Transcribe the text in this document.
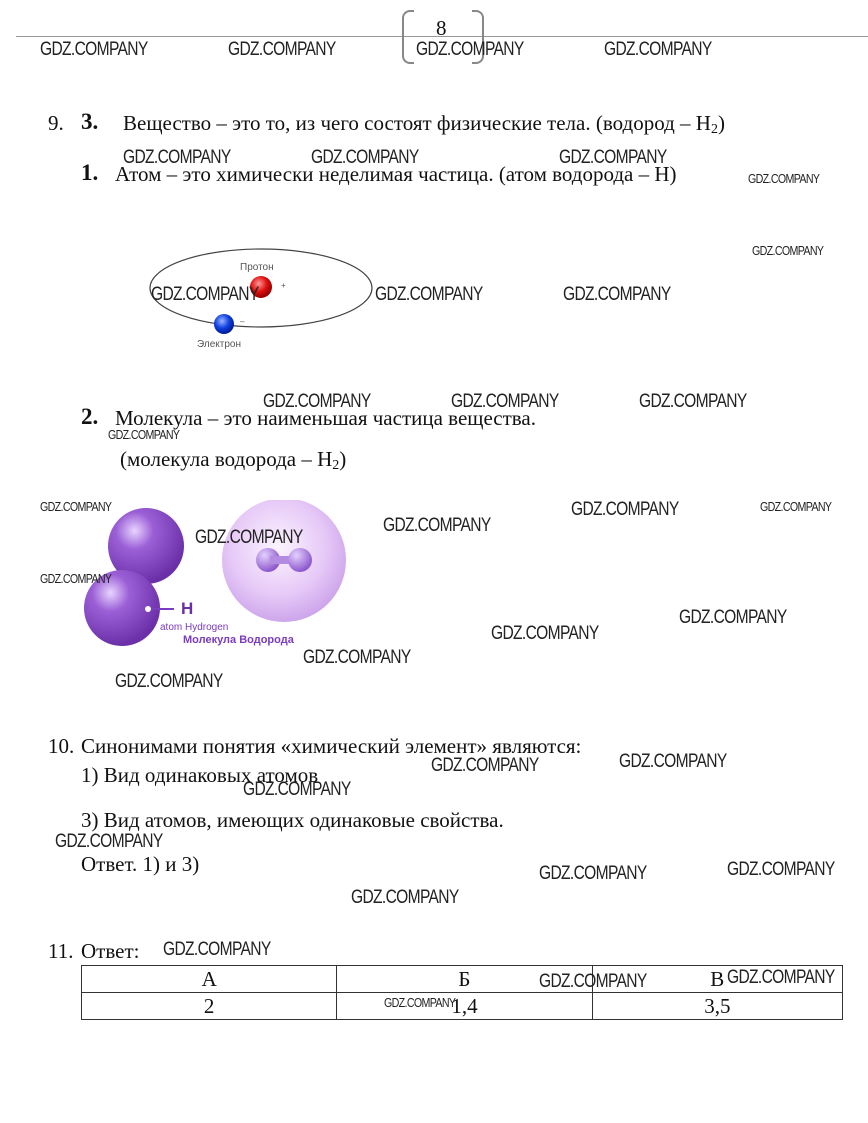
8
9. 3. Вещество – это то, из чего состоят физические тела. (водород – $H_2$)
1. Атом – это химически неделимая частица. (атом водорода – H)
+
–
Протон
Электрон
2. Молекула – это наименьшая частица вещества.
(молекула водорода – $H_2$)
H
atom Hydrogen
Молекула Водорода
10. Синонимами понятия «химический элемент» являются:
1) Вид одинаковых атомов
3) Вид атомов, имеющих одинаковые свойства.
Ответ. 1) и 3)
11. Ответ:
А	Б	В
2	1,4	3,5
GDZ.COMPANY	GDZ.COMPANY	GDZ.COMPANY	GDZ.COMPANY
GDZ.COMPANY	GDZ.COMPANY	GDZ.COMPANY
GDZ.COMPANY
GDZ.COMPANY
GDZ.COMPANY	GDZ.COMPANY	GDZ.COMPANY
GDZ.COMPANY	GDZ.COMPANY	GDZ.COMPANY
GDZ.COMPANY
GDZ.COMPANY	GDZ.COMPANY
GDZ.COMPANY
GDZ.COMPANY
GDZ.COMPANY
GDZ.COMPANY
GDZ.COMPANY
GDZ.COMPANY
GDZ.COMPANY
GDZ.COMPANY
GDZ.COMPANY
GDZ.COMPANY
GDZ.COMPANY
GDZ.COMPANY
GDZ.COMPANY
GDZ.COMPANY
GDZ.COMPANY
GDZ.COMPANY
GDZ.COMPANY
GDZ.COMPANY
GDZ.COMPANY
